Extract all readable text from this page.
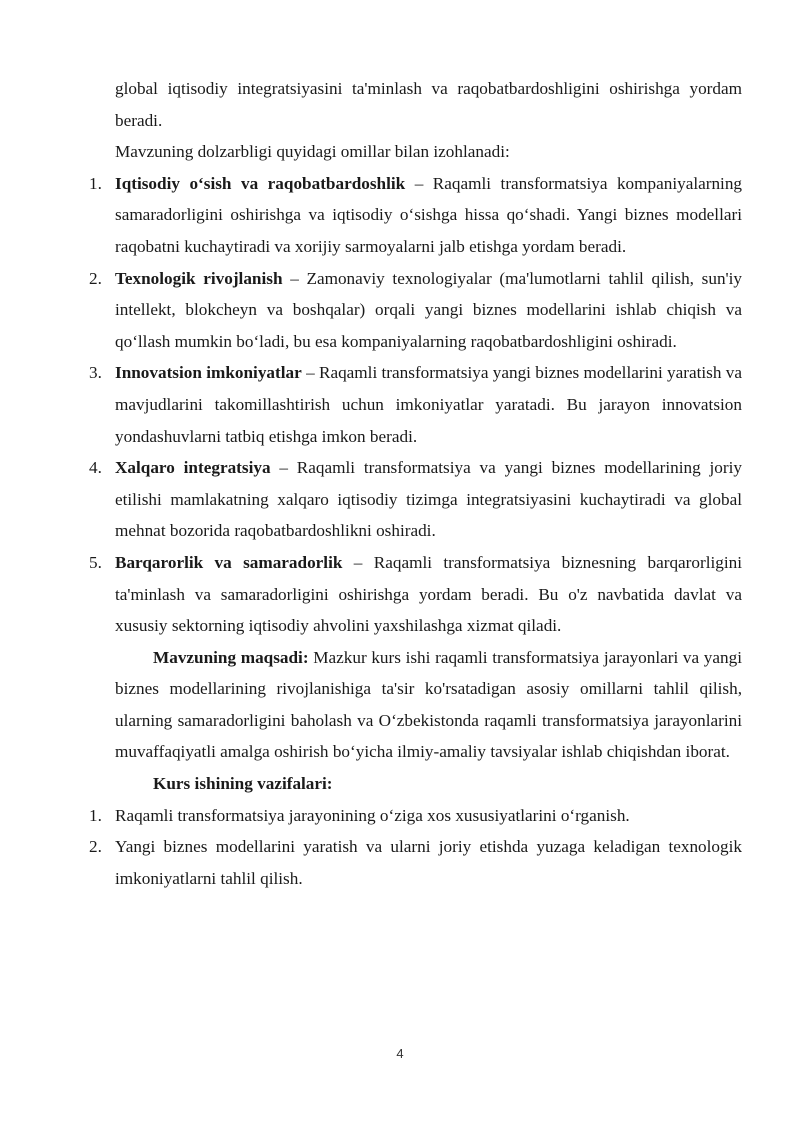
global iqtisodiy integratsiyasini ta'minlash va raqobatbardoshligini oshirishga yordam beradi.

Mavzuning dolzarbligi quyidagi omillar bilan izohlanadi:

1. Iqtisodiy o‘sish va raqobatbardoshlik – Raqamli transformatsiya kompaniyalarning samaradorligini oshirishga va iqtisodiy o‘sishga hissa qo‘shadi. Yangi biznes modellari raqobatni kuchaytiradi va xorijiy sarmoyalarni jalb etishga yordam beradi.
2. Texnologik rivojlanish – Zamonaviy texnologiyalar (ma'lumotlarni tahlil qilish, sun'iy intellekt, blokcheyn va boshqalar) orqali yangi biznes modellarini ishlab chiqish va qo‘llash mumkin bo‘ladi, bu esa kompaniyalarning raqobatbardoshligini oshiradi.
3. Innovatsion imkoniyatlar – Raqamli transformatsiya yangi biznes modellarini yaratish va mavjudlarini takomillashtirish uchun imkoniyatlar yaratadi. Bu jarayon innovatsion yondashuvlarni tatbiq etishga imkon beradi.
4. Xalqaro integratsiya – Raqamli transformatsiya va yangi biznes modellarining joriy etilishi mamlakatning xalqaro iqtisodiy tizimga integratsiyasini kuchaytiradi va global mehnat bozorida raqobatbardoshlikni oshiradi.
5. Barqarorlik va samaradorlik – Raqamli transformatsiya biznesning barqarorligini ta'minlash va samaradorligini oshirishga yordam beradi. Bu o'z navbatida davlat va xususiy sektorning iqtisodiy ahvolini yaxshilashga xizmat qiladi.

Mavzuning maqsadi: Mazkur kurs ishi raqamli transformatsiya jarayonlari va yangi biznes modellarining rivojlanishiga ta'sir ko'rsatadigan asosiy omillarni tahlil qilish, ularning samaradorligini baholash va O‘zbekistonda raqamli transformatsiya jarayonlarini muvaffaqiyatli amalga oshirish bo‘yicha ilmiy-amaliy tavsiyalar ishlab chiqishdan iborat.

Kurs ishining vazifalari:

1. Raqamli transformatsiya jarayonining o‘ziga xos xususiyatlarini o‘rganish.
2. Yangi biznes modellarini yaratish va ularni joriy etishda yuzaga keladigan texnologik imkoniyatlarni tahlil qilish.
4
